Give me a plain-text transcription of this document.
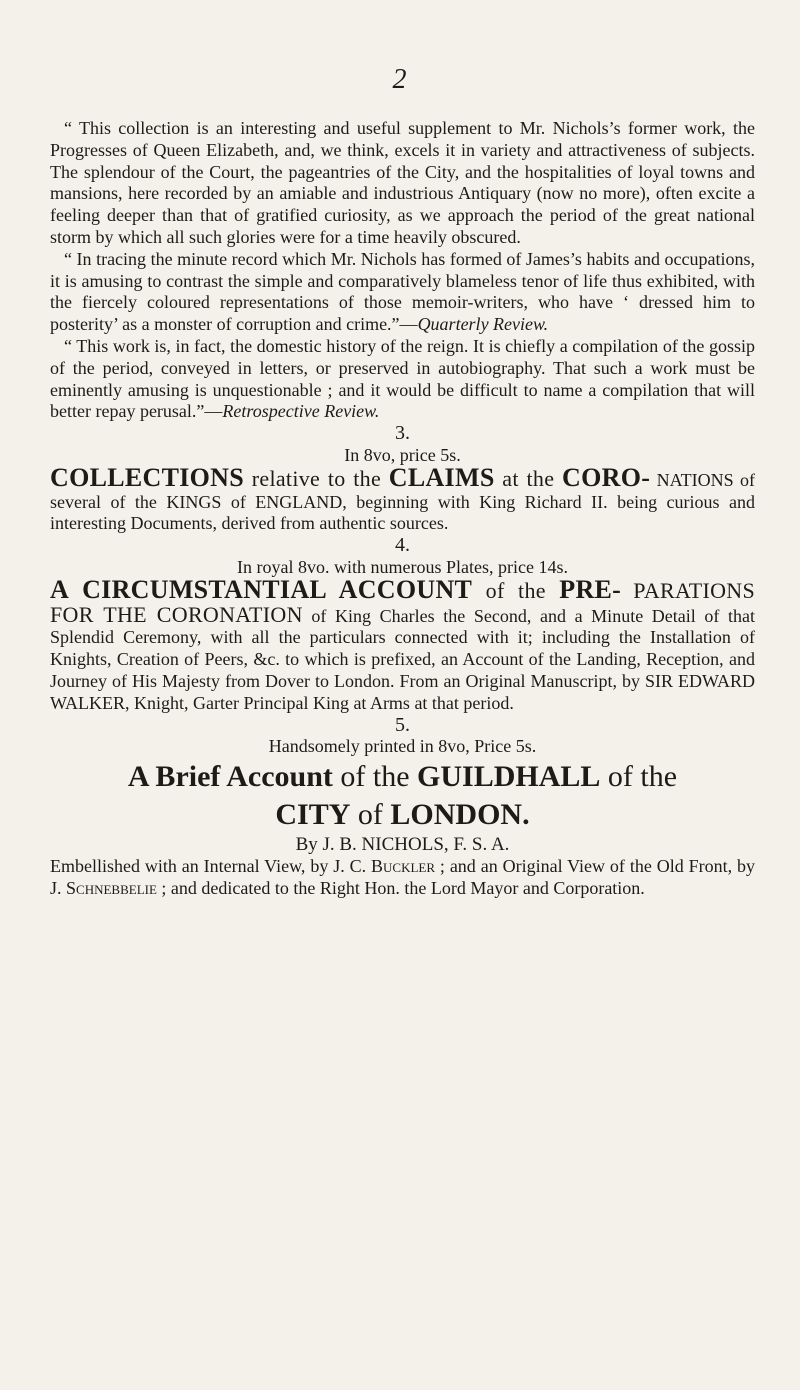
2

“ This collection is an interesting and useful supplement to Mr. Nichols’s former work, the Progresses of Queen Elizabeth, and, we think, excels it in variety and attractiveness of subjects. The splendour of the Court, the pageantries of the City, and the hospitalities of loyal towns and mansions, here recorded by an amiable and industrious Antiquary (now no more), often excite a feeling deeper than that of gratified curiosity, as we approach the period of the great national storm by which all such glories were for a time heavily obscured.

“ In tracing the minute record which Mr. Nichols has formed of James’s habits and occupations, it is amusing to contrast the simple and comparatively blameless tenor of life thus exhibited, with the fiercely coloured representations of those memoir-writers, who have ‘ dressed him to posterity’ as a monster of corruption and crime.”—Quarterly Review.

“ This work is, in fact, the domestic history of the reign. It is chiefly a compilation of the gossip of the period, conveyed in letters, or preserved in autobiography. That such a work must be eminently amusing is unquestionable ; and it would be difficult to name a compilation that will better repay perusal.”—Retrospective Review.

3.

In 8vo, price 5s.

COLLECTIONS relative to the CLAIMS at the CORO- NATIONS of several of the KINGS of ENGLAND, beginning with King Richard II. being curious and interesting Documents, derived from authentic sources.

4.

In royal 8vo. with numerous Plates, price 14s.

A CIRCUMSTANTIAL ACCOUNT of the PRE- PARATIONS FOR THE CORONATION of King Charles the Second, and a Minute Detail of that Splendid Ceremony, with all the particulars connected with it; including the Installation of Knights, Creation of Peers, &c. to which is prefixed, an Account of the Landing, Reception, and Journey of His Majesty from Dover to London. From an Original Manuscript, by SIR EDWARD WALKER, Knight, Garter Principal King at Arms at that period.

5.

Handsomely printed in 8vo, Price 5s.

A Brief Account of the GUILDHALL of the
CITY of LONDON.

By J. B. NICHOLS, F. S. A.

Embellished with an Internal View, by J. C. Buckler ; and an Original View of the Old Front, by J. Schnebbelie ; and dedicated to the Right Hon. the Lord Mayor and Corporation.
